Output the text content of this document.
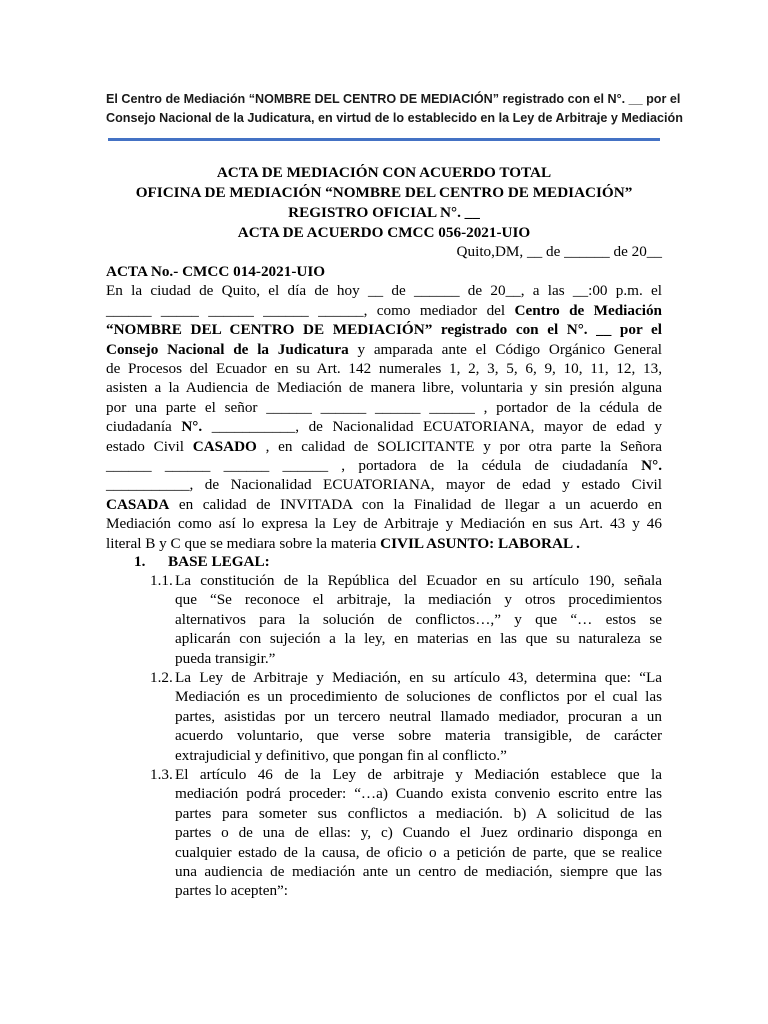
El Centro de Mediación “NOMBRE DEL CENTRO DE MEDIACIÓN” registrado con el N°. __ por el
Consejo Nacional de la Judicatura, en virtud de lo establecido en la Ley de Arbitraje y Mediación
ACTA DE MEDIACIÓN CON ACUERDO TOTAL
OFICINA DE MEDIACIÓN “NOMBRE DEL CENTRO DE MEDIACIÓN”
REGISTRO OFICIAL N°. __
ACTA DE ACUERDO CMCC 056-2021-UIO
Quito,DM, __ de ______ de 20__
ACTA No.- CMCC 014-2021-UIO
En la ciudad de Quito, el día de hoy __ de ______ de 20__, a las __:00 p.m. el
______ _____ ______ ______ ______, como mediador del Centro de Mediación
“NOMBRE DEL CENTRO DE MEDIACIÓN” registrado con el N°. __ por el
Consejo Nacional de la Judicatura y amparada ante el Código Orgánico General
de Procesos del Ecuador en su Art. 142 numerales 1, 2, 3, 5, 6, 9, 10, 11, 12, 13,
asisten a la Audiencia de Mediación de manera libre, voluntaria y sin presión alguna
por una parte el señor ______ ______ ______ ______ , portador de la cédula de
ciudadanía N°. ___________, de Nacionalidad ECUATORIANA, mayor de edad y
estado Civil CASADO , en calidad de SOLICITANTE y por otra parte la Señora
______ ______ ______ ______ , portadora de la cédula de ciudadanía N°.
___________, de Nacionalidad ECUATORIANA, mayor de edad y estado Civil
CASADA en calidad de INVITADA con la Finalidad de llegar a un acuerdo en
Mediación como así lo expresa la Ley de Arbitraje y Mediación en sus Art. 43 y 46
literal B y C que se mediara sobre la materia CIVIL ASUNTO: LABORAL .
1. BASE LEGAL:
1.1. La constitución de la República del Ecuador en su artículo 190, señala
que “Se reconoce el arbitraje, la mediación y otros procedimientos
alternativos para la solución de conflictos…,” y que “… estos se
aplicarán con sujeción a la ley, en materias en las que su naturaleza se
pueda transigir.”
1.2. La Ley de Arbitraje y Mediación, en su artículo 43, determina que: “La
Mediación es un procedimiento de soluciones de conflictos por el cual las
partes, asistidas por un tercero neutral llamado mediador, procuran a un
acuerdo voluntario, que verse sobre materia transigible, de carácter
extrajudicial y definitivo, que pongan fin al conflicto.”
1.3. El artículo 46 de la Ley de arbitraje y Mediación establece que la
mediación podrá proceder: “…a) Cuando exista convenio escrito entre las
partes para someter sus conflictos a mediación. b) A solicitud de las
partes o de una de ellas: y, c) Cuando el Juez ordinario disponga en
cualquier estado de la causa, de oficio o a petición de parte, que se realice
una audiencia de mediación ante un centro de mediación, siempre que las
partes lo acepten”:
